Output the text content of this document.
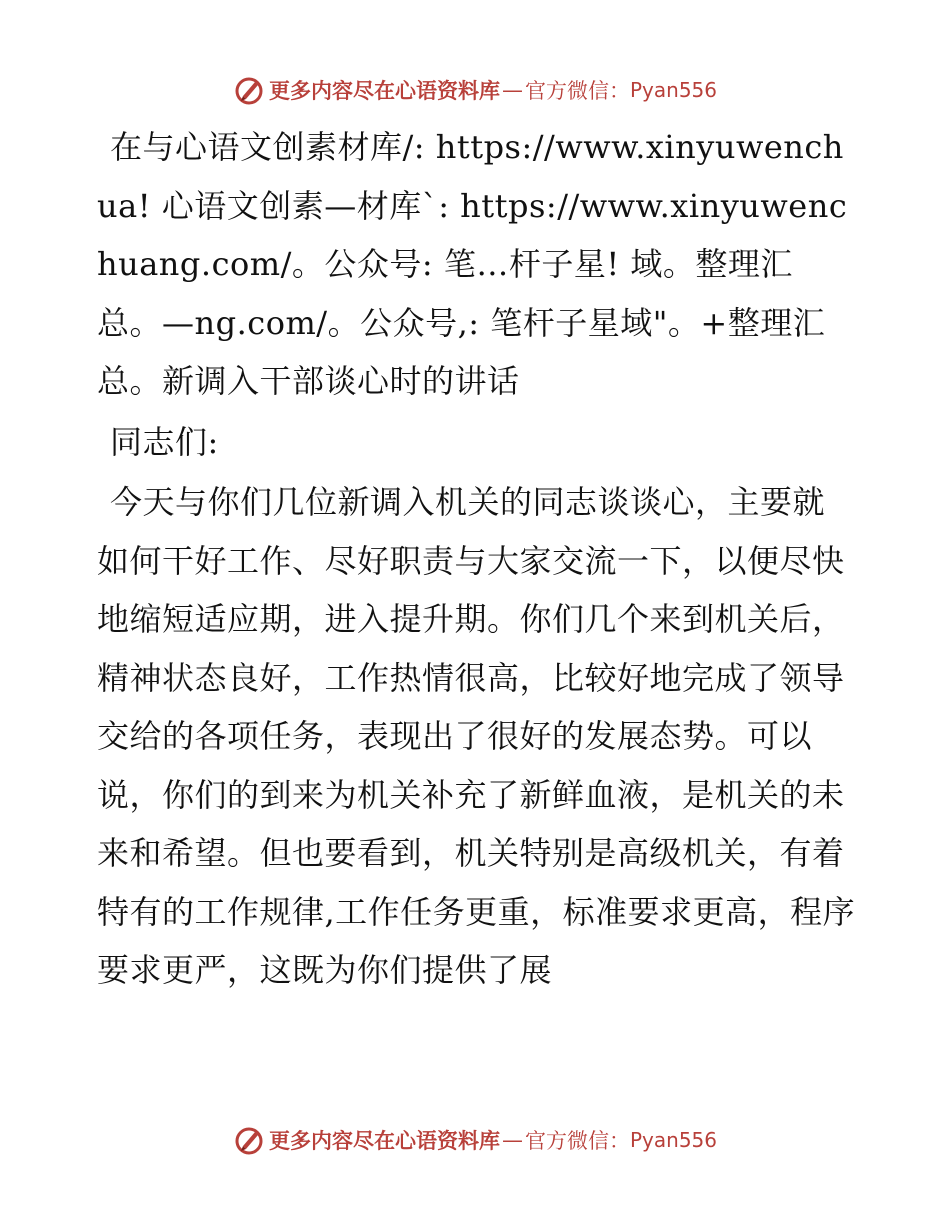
更多内容尽在心语资料库 — 官方微信： Pyan556

在与心语文创素材库/: https://www.xinyuwenchua! 心语文创素—材库`: https://www.xinyuwenchuang.com/。公众号: 笔…杆子星! 域。整理汇总。—ng.com/。公众号,: 笔杆子星域"。+整理汇总。新调入干部谈心时的讲话

同志们:

今天与你们几位新调入机关的同志谈谈心，主要就如何干好工作、尽好职责与大家交流一下，以便尽快地缩短适应期，进入提升期。你们几个来到机关后，精神状态良好，工作热情很高，比较好地完成了领导交给的各项任务，表现出了很好的发展态势。可以说，你们的到来为机关补充了新鲜血液，是机关的未来和希望。但也要看到，机关特别是高级机关，有着特有的工作规律,工作任务更重，标准要求更高，程序要求更严，这既为你们提供了展

更多内容尽在心语资料库 — 官方微信： Pyan556
